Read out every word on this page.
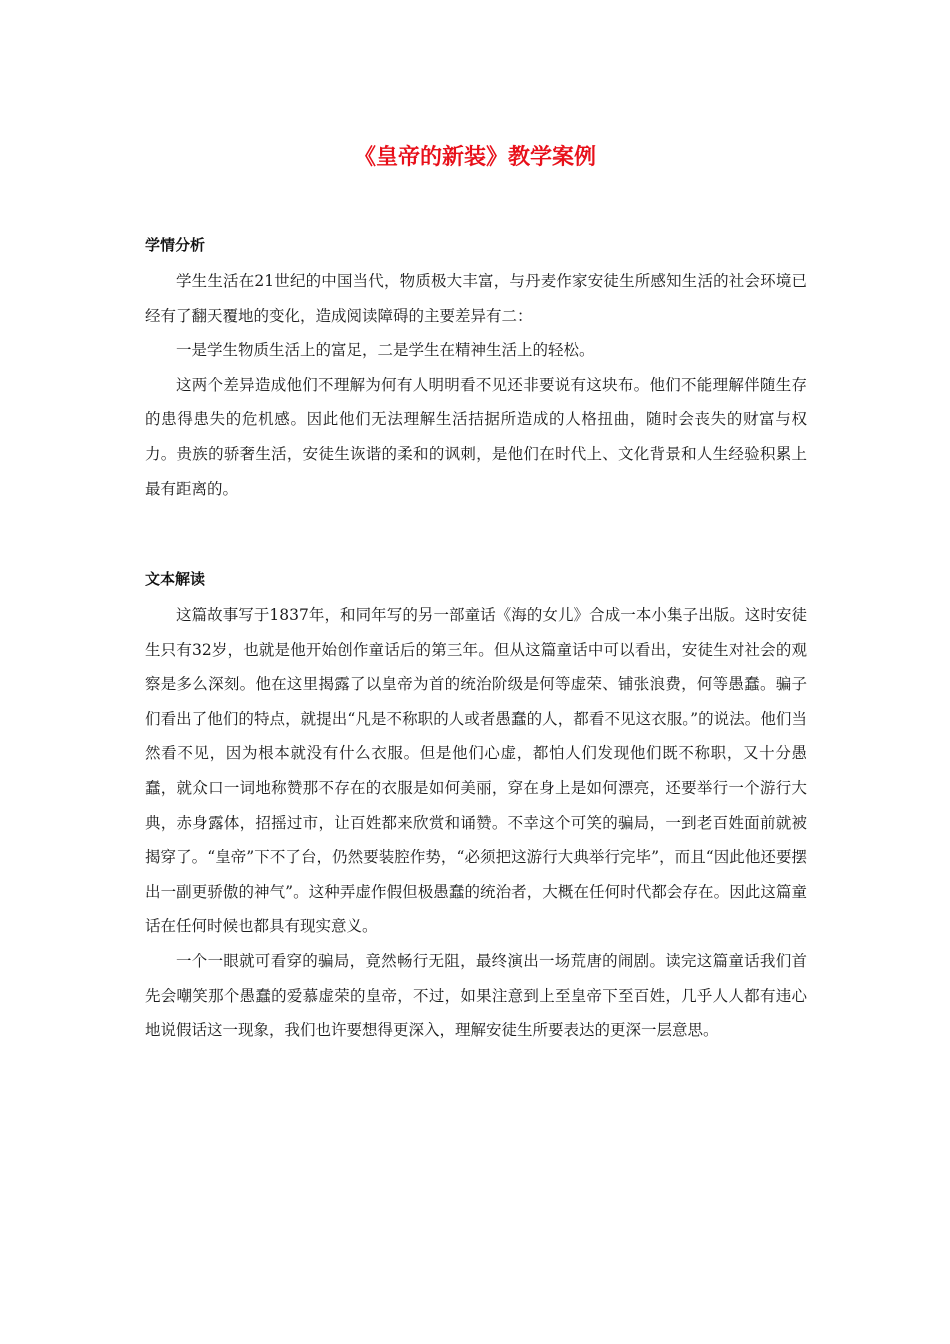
《皇帝的新装》教学案例
学情分析

学生生活在21世纪的中国当代，物质极大丰富，与丹麦作家安徒生所感知生活的社会环境已经有了翻天覆地的变化，造成阅读障碍的主要差异有二：

一是学生物质生活上的富足，二是学生在精神生活上的轻松。

这两个差异造成他们不理解为何有人明明看不见还非要说有这块布。他们不能理解伴随生存的患得患失的危机感。因此他们无法理解生活拮据所造成的人格扭曲，随时会丧失的财富与权力。贵族的骄奢生活，安徒生诙谐的柔和的讽刺，是他们在时代上、文化背景和人生经验积累上最有距离的。

文本解读

这篇故事写于1837年，和同年写的另一部童话《海的女儿》合成一本小集子出版。这时安徒生只有32岁，也就是他开始创作童话后的第三年。但从这篇童话中可以看出，安徒生对社会的观察是多么深刻。他在这里揭露了以皇帝为首的统治阶级是何等虚荣、铺张浪费，何等愚蠢。骗子们看出了他们的特点，就提出“凡是不称职的人或者愚蠢的人，都看不见这衣服。”的说法。他们当然看不见，因为根本就没有什么衣服。但是他们心虚，都怕人们发现他们既不称职，又十分愚蠢，就众口一词地称赞那不存在的衣服是如何美丽，穿在身上是如何漂亮，还要举行一个游行大典，赤身露体，招摇过市，让百姓都来欣赏和诵赞。不幸这个可笑的骗局，一到老百姓面前就被揭穿了。“皇帝”下不了台，仍然要装腔作势，“必须把这游行大典举行完毕”，而且“因此他还要摆出一副更骄傲的神气”。这种弄虚作假但极愚蠢的统治者，大概在任何时代都会存在。因此这篇童话在任何时候也都具有现实意义。

一个一眼就可看穿的骗局，竟然畅行无阻，最终演出一场荒唐的闹剧。读完这篇童话我们首先会嘲笑那个愚蠢的爱慕虚荣的皇帝，不过，如果注意到上至皇帝下至百姓，几乎人人都有违心地说假话这一现象，我们也许要想得更深入，理解安徒生所要表达的更深一层意思。
